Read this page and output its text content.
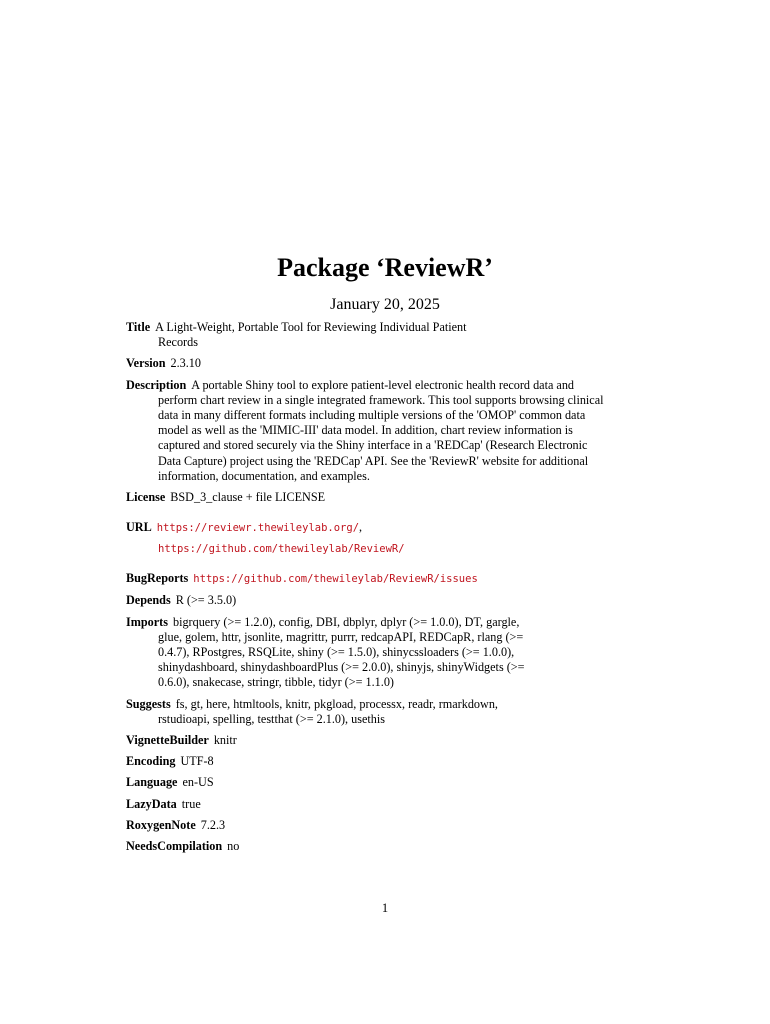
Package ‘ReviewR’
January 20, 2025

Title A Light-Weight, Portable Tool for Reviewing Individual Patient Records

Version 2.3.10

Description A portable Shiny tool to explore patient-level electronic health record data and perform chart review in a single integrated framework. This tool supports browsing clinical data in many different formats including multiple versions of the 'OMOP' common data model as well as the 'MIMIC-III' data model. In addition, chart review information is captured and stored securely via the Shiny interface in a 'REDCap' (Research Electronic Data Capture) project using the 'REDCap' API. See the 'ReviewR' website for additional information, documentation, and examples.

License BSD_3_clause + file LICENSE

URL https://reviewr.thewileylab.org/,
https://github.com/thewileylab/ReviewR/

BugReports https://github.com/thewileylab/ReviewR/issues

Depends R (>= 3.5.0)

Imports bigrquery (>= 1.2.0), config, DBI, dbplyr, dplyr (>= 1.0.0), DT, gargle, glue, golem, httr, jsonlite, magrittr, purrr, redcapAPI, REDCapR, rlang (>= 0.4.7), RPostgres, RSQLite, shiny (>= 1.5.0), shinycssloaders (>= 1.0.0), shinydashboard, shinydashboardPlus (>= 2.0.0), shinyjs, shinyWidgets (>= 0.6.0), snakecase, stringr, tibble, tidyr (>= 1.1.0)

Suggests fs, gt, here, htmltools, knitr, pkgload, processx, readr, rmarkdown, rstudioapi, spelling, testthat (>= 2.1.0), usethis

VignetteBuilder knitr

Encoding UTF-8

Language en-US

LazyData true

RoxygenNote 7.2.3

NeedsCompilation no

1
